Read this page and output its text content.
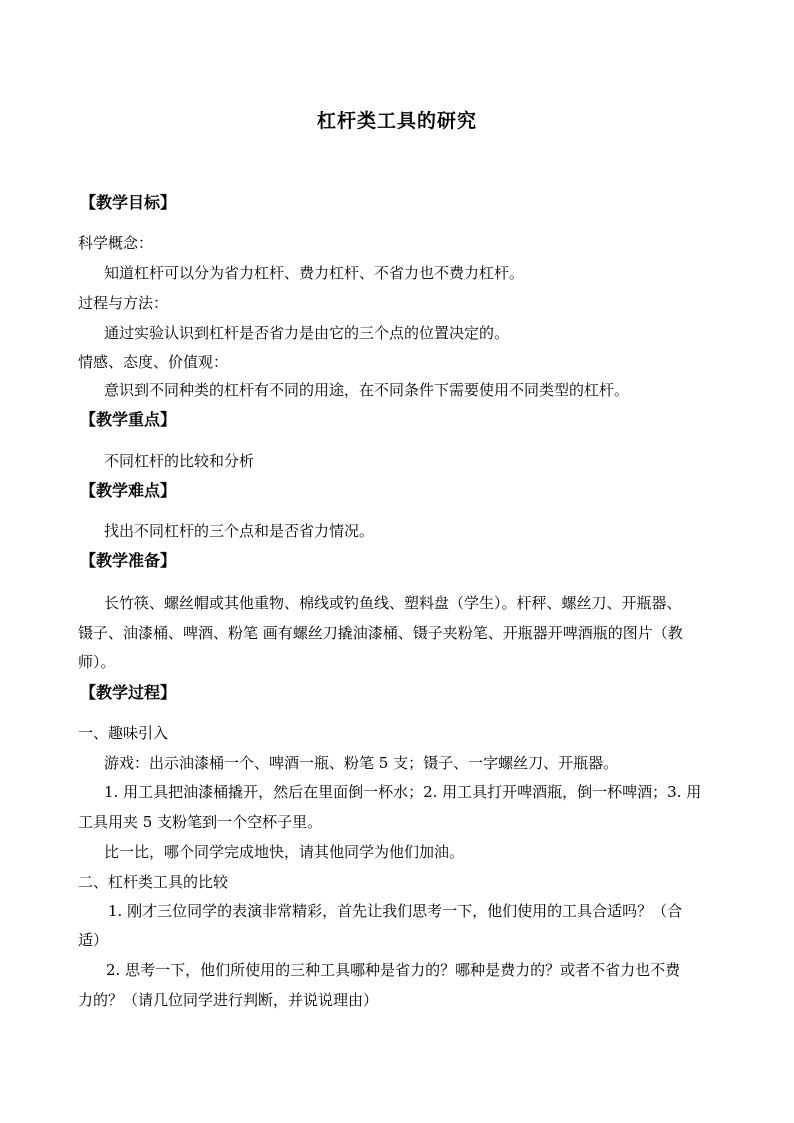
杠杆类工具的研究
【教学目标】
科学概念：
知道杠杆可以分为省力杠杆、费力杠杆、不省力也不费力杠杆。
过程与方法：
通过实验认识到杠杆是否省力是由它的三个点的位置决定的。
情感、态度、价值观：
意识到不同种类的杠杆有不同的用途，在不同条件下需要使用不同类型的杠杆。
【教学重点】
不同杠杆的比较和分析
【教学难点】
找出不同杠杆的三个点和是否省力情况。
【教学准备】
长竹筷、螺丝帽或其他重物、棉线或钓鱼线、塑料盘（学生）。杆秤、螺丝刀、开瓶器、
镊子、油漆桶、啤酒、粉笔 画有螺丝刀撬油漆桶、镊子夹粉笔、开瓶器开啤酒瓶的图片（教
师）。
【教学过程】
一、趣味引入
游戏：出示油漆桶一个、啤酒一瓶、粉笔 5 支；镊子、一字螺丝刀、开瓶器。
1. 用工具把油漆桶撬开，然后在里面倒一杯水；2. 用工具打开啤酒瓶，倒一杯啤酒；3. 用
工具用夹 5 支粉笔到一个空杯子里。
比一比，哪个同学完成地快，请其他同学为他们加油。
二、杠杆类工具的比较
1. 刚才三位同学的表演非常精彩，首先让我们思考一下，他们使用的工具合适吗？（合
适）
2. 思考一下，他们所使用的三种工具哪种是省力的？哪种是费力的？或者不省力也不费
力的？（请几位同学进行判断，并说说理由）
